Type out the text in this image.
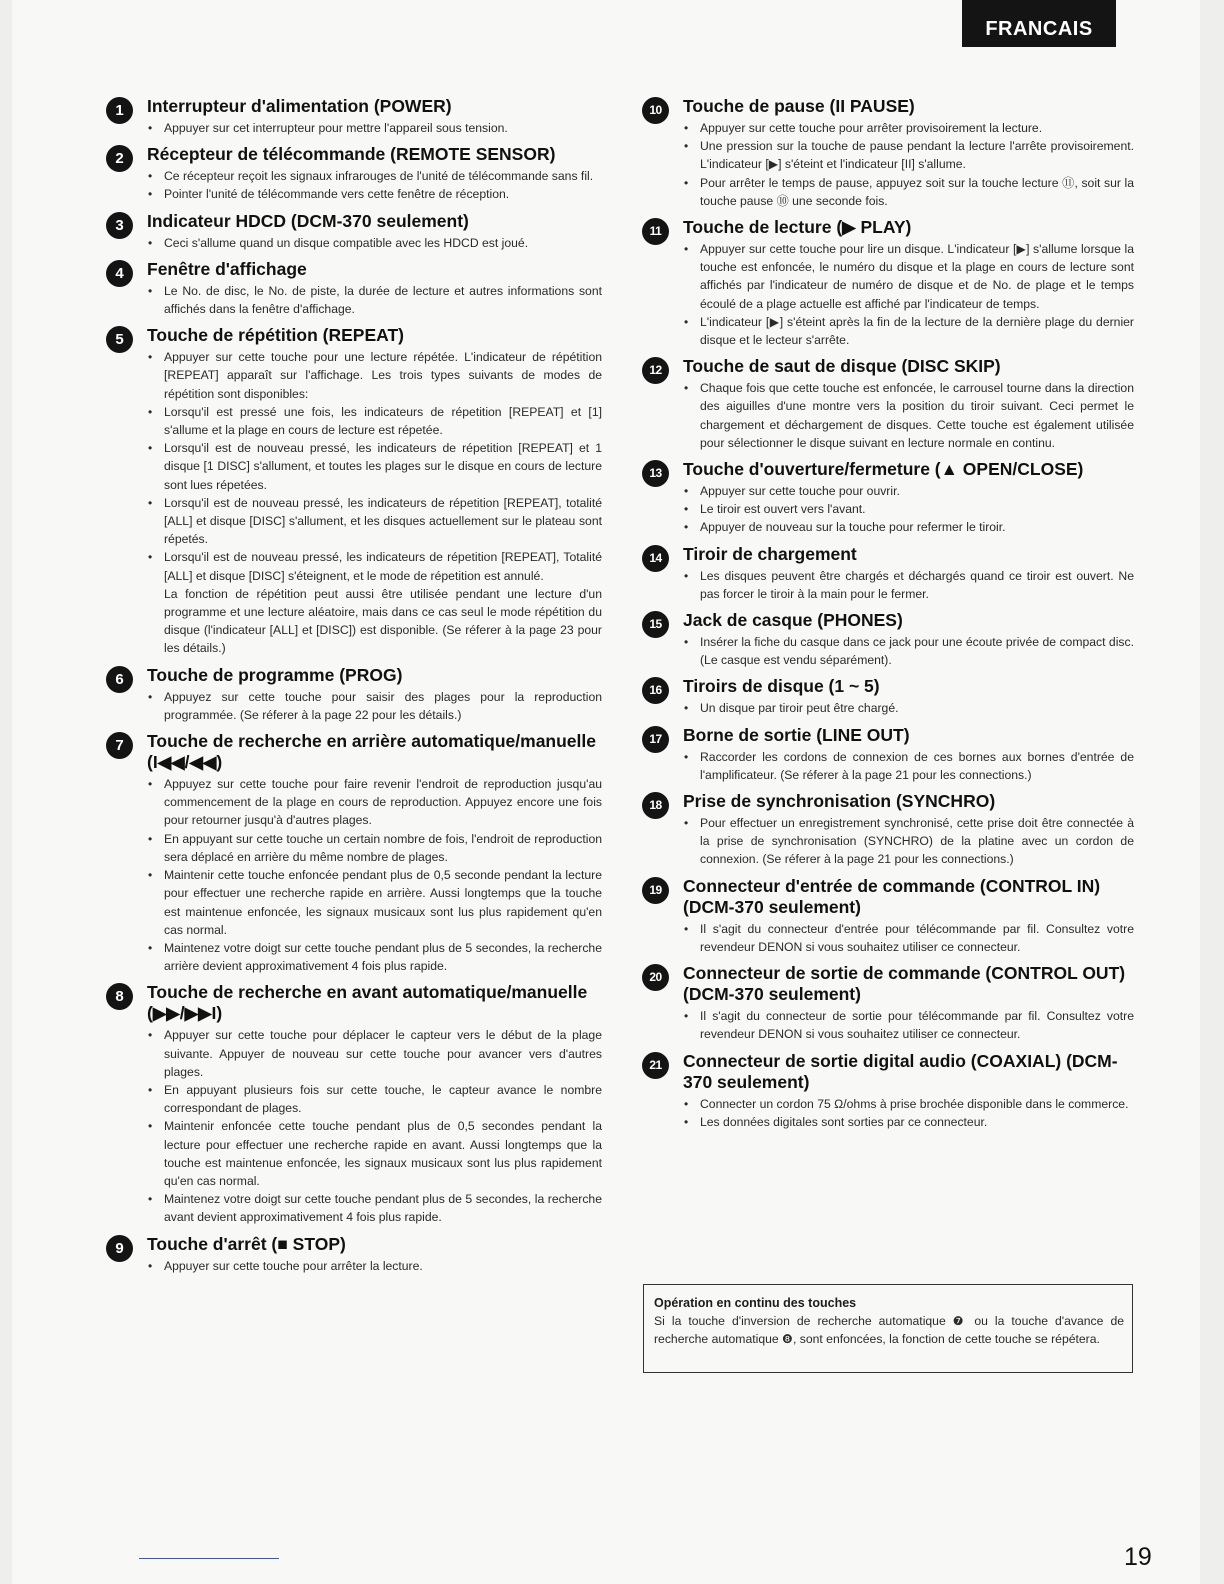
FRANCAIS
1	Interrupteur d'alimentation (POWER)
• Appuyer sur cet interrupteur pour mettre l'appareil sous tension.
2	Récepteur de télécommande (REMOTE SENSOR)
• Ce récepteur reçoit les signaux infrarouges de l'unité de télécommande sans fil.
• Pointer l'unité de télécommande vers cette fenêtre de réception.
3	Indicateur HDCD (DCM-370 seulement)
• Ceci s'allume quand un disque compatible avec les HDCD est joué.
4	Fenêtre d'affichage
• Le No. de disc, le No. de piste, la durée de lecture et autres informations sont affichés dans la fenêtre d'affichage.
5	Touche de répétition (REPEAT)
• Appuyer sur cette touche pour une lecture répétée. L'indicateur de répétition [REPEAT] apparaît sur l'affichage. Les trois types suivants de modes de répétition sont disponibles:
• Lorsqu'il est pressé une fois, les indicateurs de répetition [REPEAT] et [1] s'allume et la plage en cours de lecture est répetée.
• Lorsqu'il est de nouveau pressé, les indicateurs de répetition [REPEAT] et 1 disque [1 DISC] s'allument, et toutes les plages sur le disque en cours de lecture sont lues répetées.
• Lorsqu'il est de nouveau pressé, les indicateurs de répetition [REPEAT], totalité [ALL] et disque [DISC] s'allument, et les disques actuellement sur le plateau sont répetés.
• Lorsqu'il est de nouveau pressé, les indicateurs de répetition [REPEAT], Totalité [ALL] et disque [DISC] s'éteignent, et le mode de répetition est annulé.

La fonction de répétition peut aussi être utilisée pendant une lecture d'un programme et une lecture aléatoire, mais dans ce cas seul le mode répétition du disque (l'indicateur [ALL] et [DISC]) est disponible. (Se réferer à la page 23 pour les détails.)

6	Touche de programme (PROG)
• Appuyez sur cette touche pour saisir des plages pour la reproduction programmée. (Se réferer à la page 22 pour les détails.)
7	Touche de recherche en arrière automatique/manuelle (I◀◀/◀◀)
• Appuyez sur cette touche pour faire revenir l'endroit de reproduction jusqu'au commencement de la plage en cours de reproduction. Appuyez encore une fois pour retourner jusqu'à d'autres plages.
• En appuyant sur cette touche un certain nombre de fois, l'endroit de reproduction sera déplacé en arrière du même nombre de plages.
• Maintenir cette touche enfoncée pendant plus de 0,5 seconde pendant la lecture pour effectuer une recherche rapide en arrière. Aussi longtemps que la touche est maintenue enfoncée, les signaux musicaux sont lus plus rapidement qu'en cas normal.
• Maintenez votre doigt sur cette touche pendant plus de 5 secondes, la recherche arrière devient approximativement 4 fois plus rapide.
8	Touche de recherche en avant automatique/manuelle (▶▶/▶▶I)
• Appuyer sur cette touche pour déplacer le capteur vers le début de la plage suivante. Appuyer de nouveau sur cette touche pour avancer vers d'autres plages.
• En appuyant plusieurs fois sur cette touche, le capteur avance le nombre correspondant de plages.
• Maintenir enfoncée cette touche pendant plus de 0,5 secondes pendant la lecture pour effectuer une recherche rapide en avant. Aussi longtemps que la touche est maintenue enfoncée, les signaux musicaux sont lus plus rapidement qu'en cas normal.
• Maintenez votre doigt sur cette touche pendant plus de 5 secondes, la recherche avant devient approximativement 4 fois plus rapide.
9	Touche d'arrêt (■ STOP)
• Appuyer sur cette touche pour arrêter la lecture.
10	Touche de pause (II PAUSE)
• Appuyer sur cette touche pour arrêter provisoirement la lecture.
• Une pression sur la touche de pause pendant la lecture l'arrête provisoirement. L'indicateur [▶] s'éteint et l'indicateur [II] s'allume.
• Pour arrêter le temps de pause, appuyez soit sur la touche lecture ⑪, soit sur la touche pause ⑩ une seconde fois.
11	Touche de lecture (▶ PLAY)
• Appuyer sur cette touche pour lire un disque. L'indicateur [▶] s'allume lorsque la touche est enfoncée, le numéro du disque et la plage en cours de lecture sont affichés par l'indicateur de numéro de disque et de No. de plage et le temps écoulé de a plage actuelle est affiché par l'indicateur de temps.
• L'indicateur [▶] s'éteint après la fin de la lecture de la dernière plage du dernier disque et le lecteur s'arrête.
12	Touche de saut de disque (DISC SKIP)
• Chaque fois que cette touche est enfoncée, le carrousel tourne dans la direction des aiguilles d'une montre vers la position du tiroir suivant. Ceci permet le chargement et déchargement de disques. Cette touche est également utilisée pour sélectionner le disque suivant en lecture normale en continu.
13	Touche d'ouverture/fermeture (▲ OPEN/CLOSE)
• Appuyer sur cette touche pour ouvrir.
• Le tiroir est ouvert vers l'avant.
• Appuyer de nouveau sur la touche pour refermer le tiroir.
14	Tiroir de chargement
• Les disques peuvent être chargés et déchargés quand ce tiroir est ouvert. Ne pas forcer le tiroir à la main pour le fermer.
15	Jack de casque (PHONES)
• Insérer la fiche du casque dans ce jack pour une écoute privée de compact disc. (Le casque est vendu séparément).
16	Tiroirs de disque (1 ~ 5)
• Un disque par tiroir peut être chargé.
17	Borne de sortie (LINE OUT)
• Raccorder les cordons de connexion de ces bornes aux bornes d'entrée de l'amplificateur. (Se réferer à la page 21 pour les connections.)
18	Prise de synchronisation (SYNCHRO)
• Pour effectuer un enregistrement synchronisé, cette prise doit être connectée à la prise de synchronisation (SYNCHRO) de la platine avec un cordon de connexion. (Se réferer à la page 21 pour les connections.)
19	Connecteur d'entrée de commande (CONTROL IN) (DCM-370 seulement)
• Il s'agit du connecteur d'entrée pour télécommande par fil. Consultez votre revendeur DENON si vous souhaitez utiliser ce connecteur.
20	Connecteur de sortie de commande (CONTROL OUT) (DCM-370 seulement)
• Il s'agit du connecteur de sortie pour télécommande par fil. Consultez votre revendeur DENON si vous souhaitez utiliser ce connecteur.
21	Connecteur de sortie digital audio (COAXIAL) (DCM-370 seulement)
• Connecter un cordon 75 Ω/ohms à prise brochée disponible dans le commerce.
• Les données digitales sont sorties par ce connecteur.
Opération en continu des touches
Si la touche d'inversion de recherche automatique ❼ ou la touche d'avance de recherche automatique ❽, sont enfoncées, la fonction de cette touche se répétera.
19
